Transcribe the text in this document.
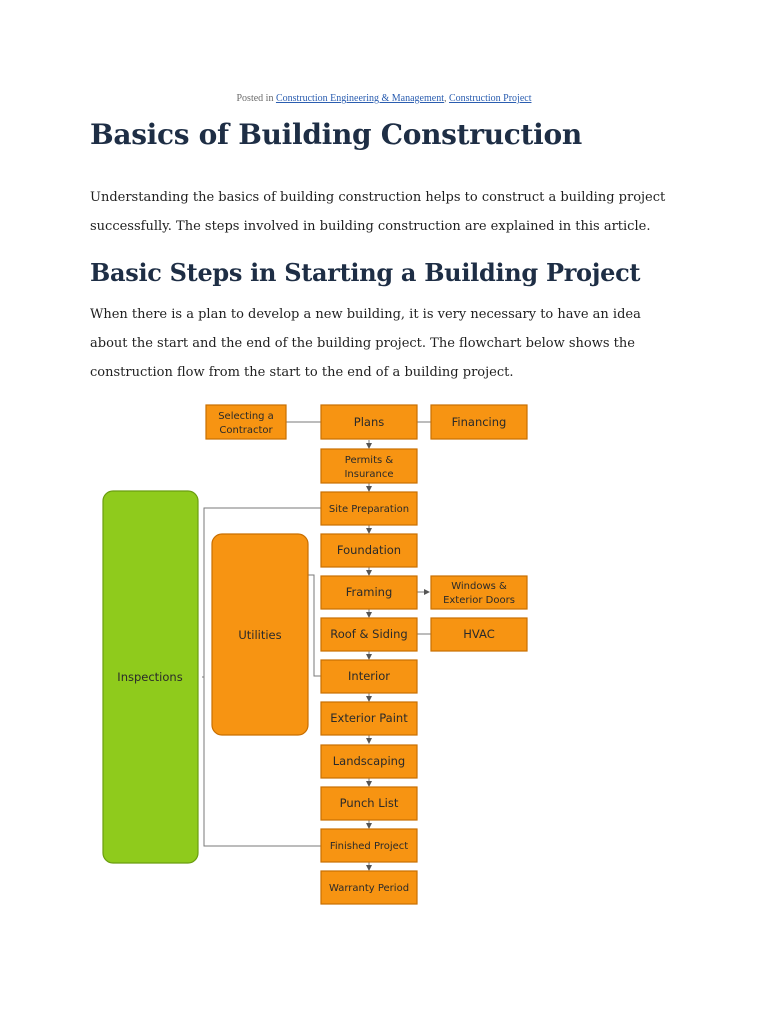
Posted in Construction Engineering & Management, Construction Project
Basics of Building Construction

Understanding the basics of building construction helps to construct a building project successfully. The steps involved in building construction are explained in this article.

Basic Steps in Starting a Building Project

When there is a plan to develop a new building, it is very necessary to have an idea about the start and the end of the building project. The flowchart below shows the construction flow from the start to the end of a building project.

Selecting a
Contractor
Plans	Financing
Permits &
Insurance
Site Preparation
Foundation
Framing	Windows &
Exterior Doors
Roof & Siding	HVAC
Interior
Exterior Paint
Landscaping
Punch List
Finished Project
Warranty Period
Inspections
Utilities
